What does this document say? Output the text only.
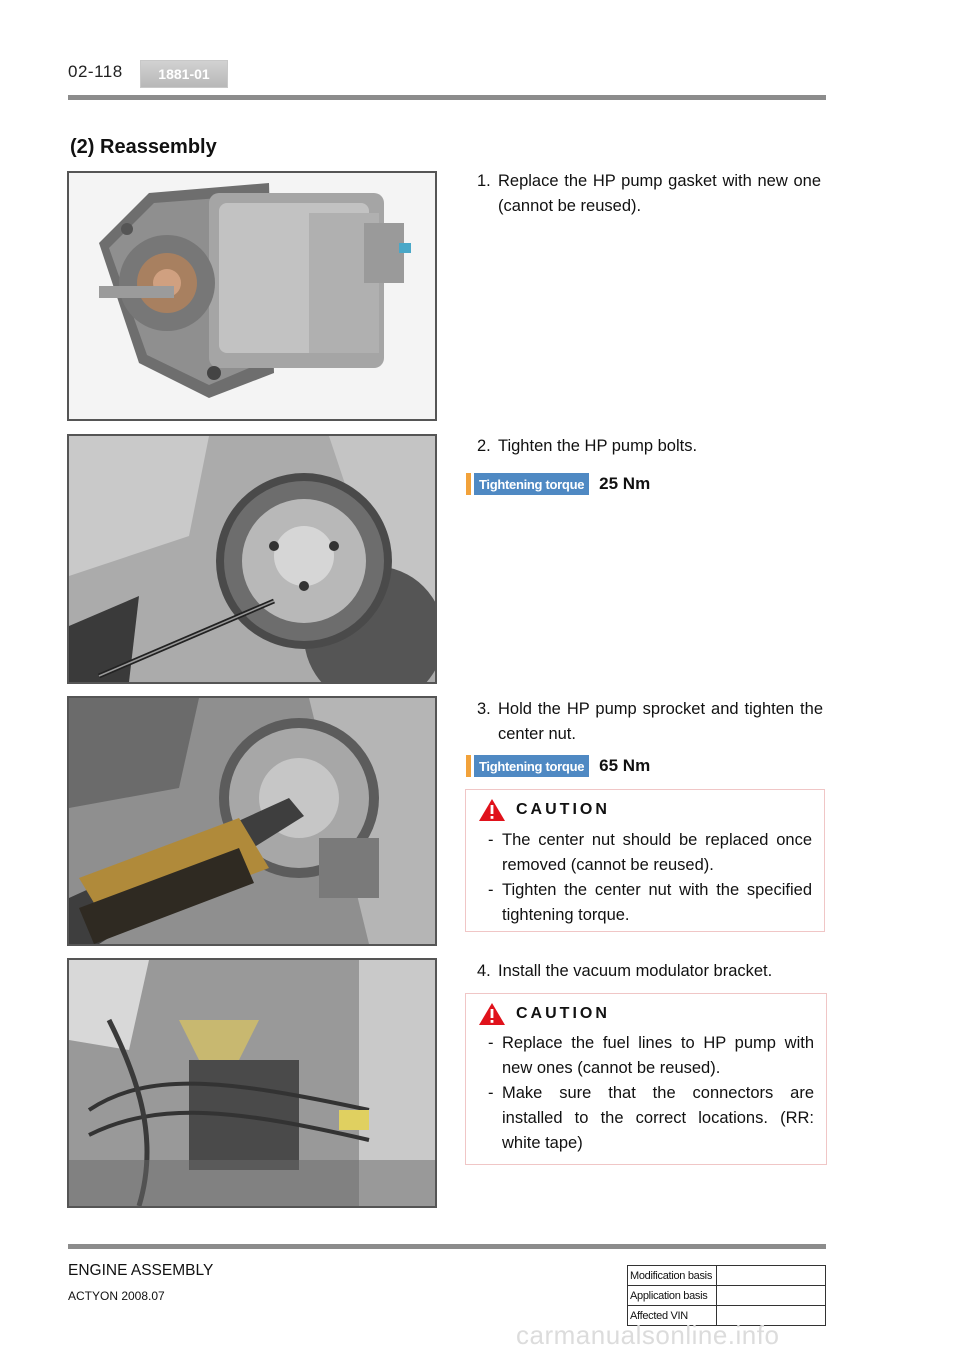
02-118	1881-01
(2) Reassembly
1. Replace the HP pump gasket with new one (cannot be reused).
2. Tighten the HP pump bolts.
Tightening torque 25 Nm
3. Hold the HP pump sprocket and tighten the center nut.
Tightening torque 65 Nm
CAUTION
- The center nut should be replaced once removed (cannot be reused).
- Tighten the center nut with the specified tightening torque.
4. Install the vacuum modulator bracket.
CAUTION
- Replace the fuel lines to HP pump with new ones (cannot be reused).
- Make sure that the connectors are installed to the correct locations. (RR: white tape)
ENGINE ASSEMBLY
ACTYON 2008.07
Modification basis	
Application basis	
Affected VIN	
carmanualsonline.info
